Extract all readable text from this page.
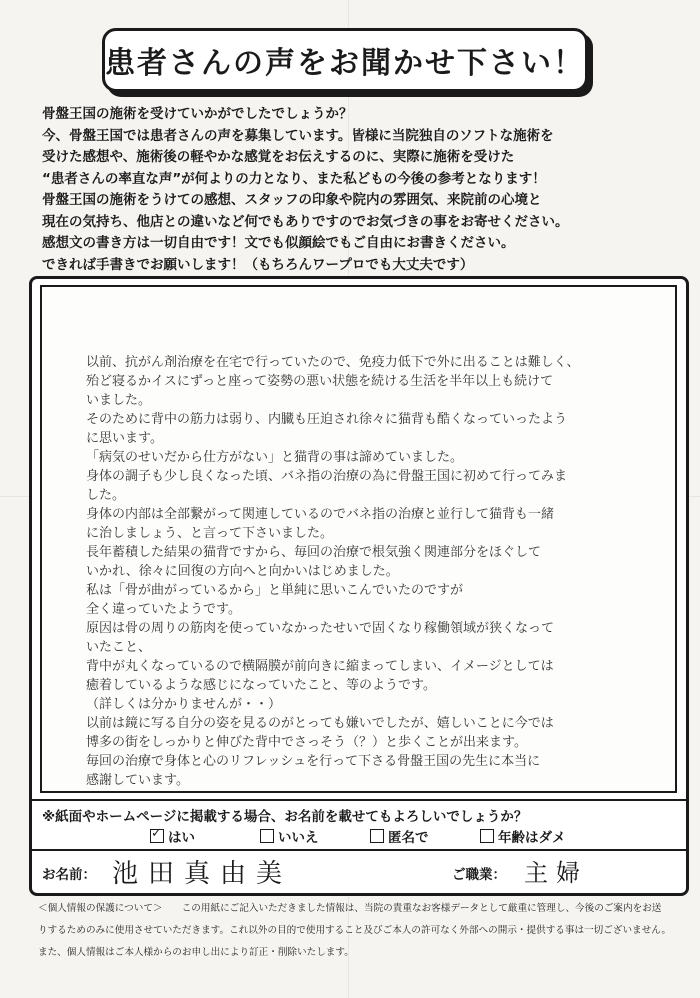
患者さんの声をお聞かせ下さい！
骨盤王国の施術を受けていかがでしたでしょうか？
今、骨盤王国では患者さんの声を募集しています。皆様に当院独自のソフトな施術を
受けた感想や、施術後の軽やかな感覚をお伝えするのに、実際に施術を受けた
“患者さんの率直な声”が何よりの力となり、また私どもの今後の参考となります！
骨盤王国の施術をうけての感想、スタッフの印象や院内の雰囲気、来院前の心境と
現在の気持ち、他店との違いなど何でもありですのでお気づきの事をお寄せください。
感想文の書き方は一切自由です！文でも似顔絵でもご自由にお書きください。
できれば手書きでお願いします！（もちろんワープロでも大丈夫です）
以前、抗がん剤治療を在宅で行っていたので、免疫力低下で外に出ることは難しく、
殆ど寝るかイスにずっと座って姿勢の悪い状態を続ける生活を半年以上も続けて
いました。
そのために背中の筋力は弱り、内臓も圧迫され徐々に猫背も酷くなっていったよう
に思います。
「病気のせいだから仕方がない」と猫背の事は諦めていました。
身体の調子も少し良くなった頃、バネ指の治療の為に骨盤王国に初めて行ってみま
した。
身体の内部は全部繋がって関連しているのでバネ指の治療と並行して猫背も一緒
に治しましょう、と言って下さいました。
長年蓄積した結果の猫背ですから、毎回の治療で根気強く関連部分をほぐして
いかれ、徐々に回復の方向へと向かいはじめました。
私は「骨が曲がっているから」と単純に思いこんでいたのですが
全く違っていたようです。
原因は骨の周りの筋肉を使っていなかったせいで固くなり稼働領域が狭くなって
いたこと、
背中が丸くなっているので横隔膜が前向きに縮まってしまい、イメージとしては
癒着しているような感じになっていたこと、等のようです。
（詳しくは分かりませんが・・）
以前は鏡に写る自分の姿を見るのがとっても嫌いでしたが、嬉しいことに今では
博多の街をしっかりと伸びた背中でさっそう（？）と歩くことが出来ます。
毎回の治療で身体と心のリフレッシュを行って下さる骨盤王国の先生に本当に
感謝しています。
※紙面やホームページに掲載する場合、お名前を載せてもよろしいでしょうか？
✓
はい	いいえ	匿名で	年齢はダメ
お名前： 池田真由美	ご職業： 主婦
＜個人情報の保護について＞　　この用紙にご記入いただきました情報は、当院の貴重なお客様データとして厳重に管理し、今後のご案内をお送
りするためのみに使用させていただきます。これ以外の目的で使用すること及びご本人の許可なく外部への開示・提供する事は一切ございません。
また、個人情報はご本人様からのお申し出により訂正・削除いたします。
